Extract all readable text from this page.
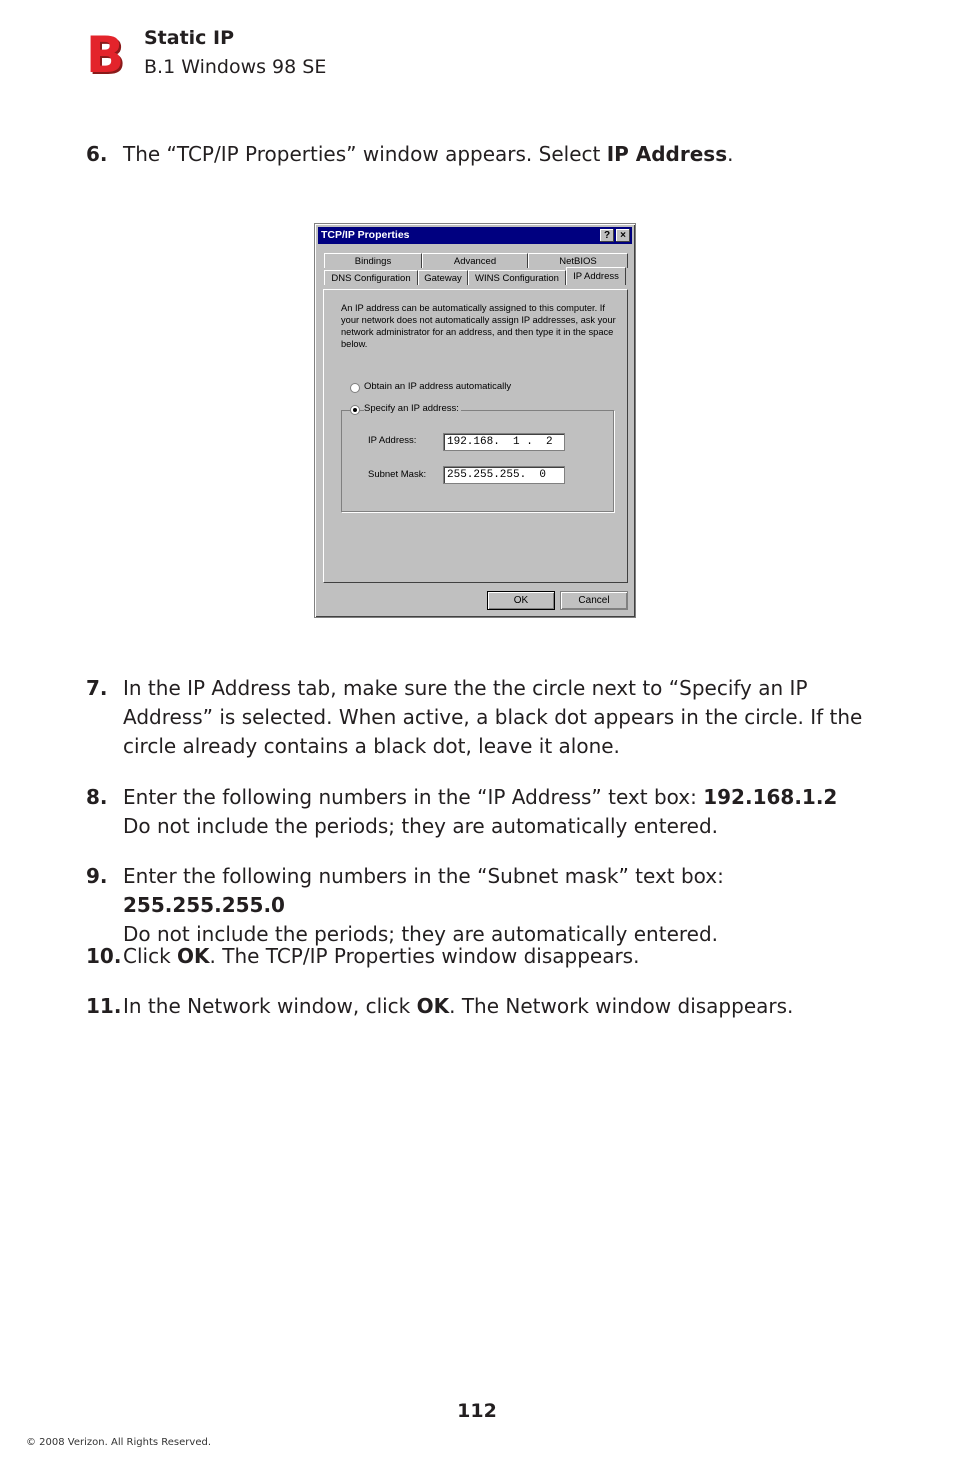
B Static IP
B.1 Windows 98 SE
6. The “TCP/IP Properties” window appears. Select IP Address.
TCP/IP Properties	?	×
Bindings	Advanced	NetBIOS
DNS Configuration	Gateway	WINS Configuration	IP Address
An IP address can be automatically assigned to this computer. If your network does not automatically assign IP addresses, ask your network administrator for an address, and then type it in the space below.
Obtain an IP address automatically
Specify an IP address:
IP Address:	192.168.  1 .  2
Subnet Mask:	255.255.255.  0
OK	Cancel
7. In the IP Address tab, make sure the the circle next to “Specify an IP Address” is selected. When active, a black dot appears in the circle. If the circle already contains a black dot, leave it alone.
8. Enter the following numbers in the “IP Address” text box: 192.168.1.2
Do not include the periods; they are automatically entered.
9. Enter the following numbers in the “Subnet mask” text box: 255.255.255.0
Do not include the periods; they are automatically entered.
10. Click OK. The TCP/IP Properties window disappears.
11. In the Network window, click OK. The Network window disappears.
112
© 2008 Verizon. All Rights Reserved.
